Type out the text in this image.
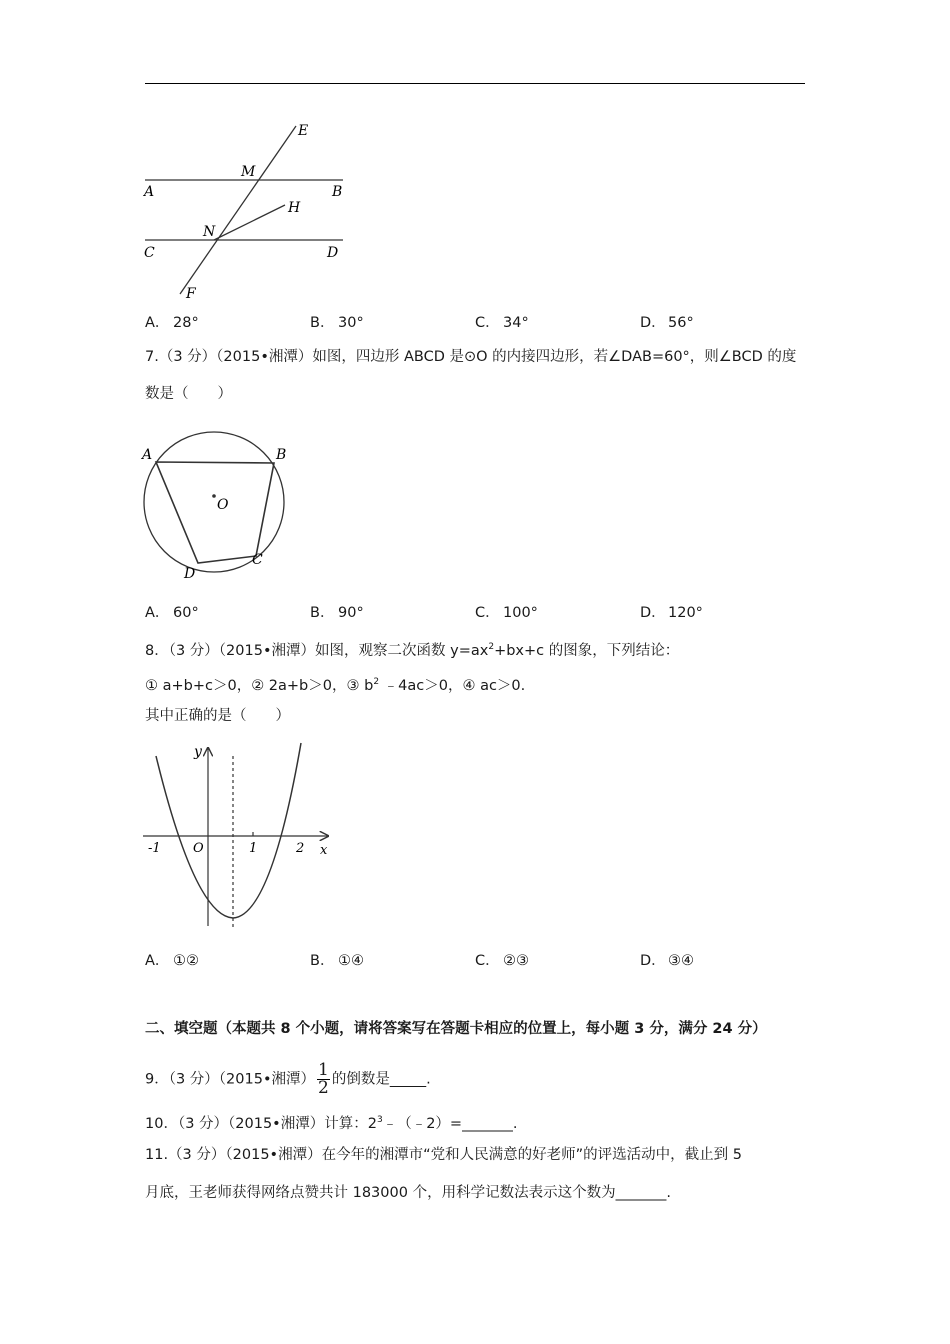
E
M
A	B
H
N
C	D
F
A． 28°	B． 30°	C． 34°	D． 56°
7.（3 分）（2015•湘潭）如图，四边形 ABCD 是⊙O 的内接四边形，若∠DAB=60°，则∠BCD 的度
数是（　　）
A	B
O
C
D
A． 60°	B． 90°	C． 100°	D． 120°
8．（3 分）（2015•湘潭）如图，观察二次函数 $y=ax^2+bx+c$ 的图象，下列结论：
① a+b+c＞0，② 2a+b＞0，③ $b^2$ ﹣4ac＞0，④ ac＞0.
其中正确的是（　　）
y
x
-1 O	1	2
A． ①②	B． ①④	C． ②③	D． ③④
二、填空题（本题共 8 个小题，请将答案写在答题卡相应的位置上，每小题 3 分，满分 24 分）
9．（3 分）（2015•湘潭） $\frac{1}{2}$ 的倒数是_____.
10．（3 分）（2015•湘潭）计算：$2^3﹣(﹣2)=\_\_\_\_\_\_\_$.
11.（3 分）（2015•湘潭）在今年的湘潭市“党和人民满意的好老师”的评选活动中，截止到 5
月底，王老师获得网络点赞共计 183000 个，用科学记数法表示这个数为_______.
